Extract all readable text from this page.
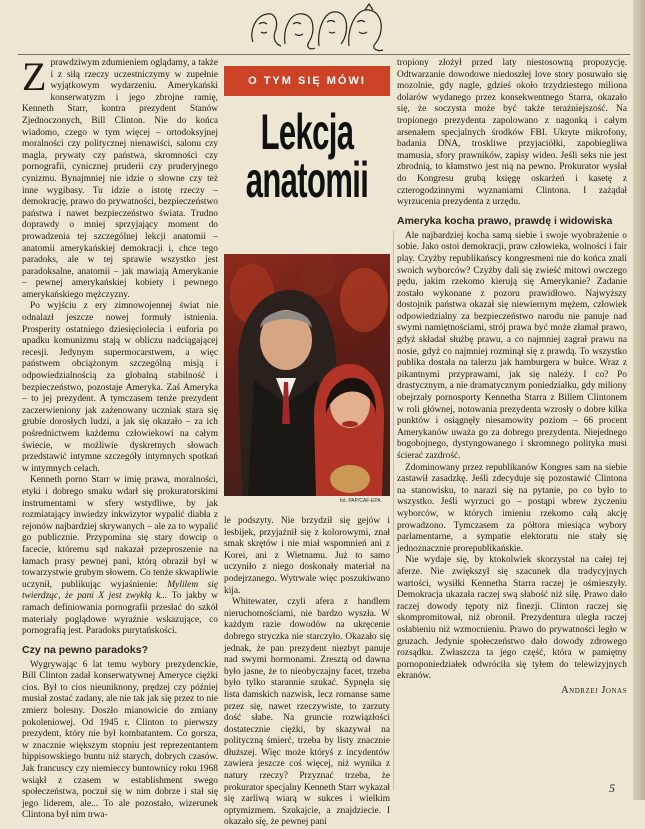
Zprawdziwym zdumieniem oglądamy, a także i z siłą rzeczy uczestniczymy w zupełnie wyjątkowym wydarzeniu. Amerykański konserwatyzm i jego zbrojne ramię, Kenneth Starr, kontra prezydent Stanów Zjednoczonych, Bill Clinton. Nie do końca wiadomo, czego w tym więcej – ortodoksyjnej moralności czy politycznej nienawiści, salonu czy magla, prywaty czy państwa, skromności czy pornografii, cynicznej pruderii czy pruderyjnego cynizmu. Bynajmniej nie idzie o słowne czy też inne wygibasy. Tu idzie o istotę rzeczy – demokrację, prawo do prywatności, bezpieczeństwo państwa i nawet bezpieczeństwo świata. Trudno doprawdy o mniej sprzyjający moment do prowadzenia tej szczególnej lekcji anatomii – anatomii amerykańskiej demokracji i, chce tego paradoks, ale w tej sprawie wszystko jest paradoksalne, anatomii – jak mawiają Amerykanie – pewnej amerykańskiej kobiety i pewnego amerykańskiego mężczyzny.

Po wyjściu z ery zimnowojennej świat nie odnalazł jeszcze nowej formuły istnienia. Prosperity ostatniego dziesięciolecia i euforia po upadku komunizmu stają w obliczu nadciągającej recesji. Jedynym supermocarstwem, a więc państwem obciążonym szczególną misją i odpowiedzialnością za globalną stabilność i bezpieczeństwo, pozostaje Ameryka. Zaś Ameryka – to jej prezydent. A tymczasem tenże prezydent zaczerwieniony jak zażenowany uczniak stara się grubie dorosłych ludzi, a jak się okazało – za ich pośrednictwem każdemu człowiekowi na całym świecie, w możliwie dyskretnych słowach przedstawić intymne szczegóły intymnych spotkań w intymnych celach.

Kenneth porno Starr w imię prawa, moralności, etyki i dobrego smaku wdarł się prokuratorskimi instrumentami w sfery wstydliwe, by jak rozmiatający inwiedzy inkwizytor wypalić diabła z rejonów najbardziej skrywanych – ale za to wypalić go publicznie. Przypomina się stary dowcip o facecie, któremu sąd nakazał przeproszenie na łamach prasy pewnej pani, którą obraził był w towarzystwie grubym słowem. Co tenże skwapliwie uczynił, publikując wyjaśnienie: Mylilem się twierdząc, że pani X jest zwykłą k... To jakby w ramach definiowania pornografii przesłać do szkół materiały poglądowe wyraźnie wskazujące, co pornografią jest. Paradoks purytańskości.

Czy na pewno paradoks?

Wygrywając 6 lat temu wybory prezydenckie, Bill Clinton zadał konserwatywnej Ameryce ciężki cios. Był to cios nieuniknony, prędzej czy później musiał zostać zadany, ale nie tak jak się przez to nie zmierz bolesny. Doszło mianowicie do zmiany pokoleniowej. Od 1945 r. Clinton to pierwszy prezydent, który nie był kombatantem. Co gorsza, w znacznie większym stopniu jest reprezentantem hippisowskiego buntu niż starych, dobrych czasów. Jak francuscy czy niemieccy buntownicy roku 1968 wsiąkł z czasem w establishment swego społeczeństwa, poczuł się w nim dobrze i stał się jego liderem, ale... To ale pozostało, wizerunek Clintona był nim trwa-

O TYM SIĘ MÓWI
Lekcja
anatomii
fot. PAP/CAF-EPA

le podszyty. Nie brzydził się gejów i lesbijek, przyjaźnił się z kolorowymi, znał smak skrętów i nie miał wspomnień ani z Korei, ani z Wietnamu. Już to samo uczyniło z niego doskonały materiał na podejrzanego. Wytrwale więc poszukiwano kija.

Whitewater, czyli afera z handlem nieruchomościami, nie bardzo wyszła. W każdym razie dowodów na ukręcenie dobrego stryczka nie starczyło. Okazało się jednak, że pan prezydent niezbyt panuje nad swymi hormonami. Zresztą od dawna było jasne, że to nieobyczajny facet, trzeba było tylko starannie szukać. Sypnęła się lista damskich nazwisk, lecz romanse same przez się, nawet rzeczywiste, to zarzuty dość słabe. Na gruncie rozwiązłości dostatecznie ciężki, by skazywał na polityczną śmierć, trzeba by listy znacznie dłuższej. Więc może któryś z incydentów zawiera jeszcze coś więcej, niż wynika z natury rzeczy? Przyznać trzeba, że prokurator specjalny Kenneth Starr wykazał się zarliwą wiarą w sukces i wielkim optymizmem. Szukajcie, a znajdziecie. I okazało się, że pewnej pani

tropiony złożył przed laty niestosowną propozycję. Odtwarzanie dowodowe niedoszłej love story posuwało się mozolnie, gdy nagle, gdzieś około trzydziestego miliona dolarów wydanego przez konsekwentnego Starra, okazało się, że soczysta może być także teraźniejszość. Na tropionego prezydenta zapolowano z nagonką i całym arsenałem specjalnych środków FBI. Ukryte mikrofony, badania DNA, troskliwe przyjaciółki, zapobiegliwa mamusia, sfory prawników, zapisy wideo. Jeśli seks nie jest zbrodnią, to kłamstwo jest nią na pewno. Prokurator wysłał do Kongresu grubą księgę oskarżeń i kasetę z czterogodzinnymi wyznaniami Clintona. I zażądał wyrzucenia prezydenta z urzędu.

Ameryka kocha prawo, prawdę i widowiska

Ale najbardziej kocha samą siebie i swoje wyobrażenie o sobie. Jako ostoi demokracji, praw człowieka, wolności i fair play. Czyżby republikańscy kongresmeni nie do końca znali swoich wyborców? Czyżby dali się zwieść mitowi owczego pędu, jakim rzekomo kierują się Amerykanie? Zadanie zostało wykonane z pozoru prawidłowo. Najwyższy dostojnik państwa okazał się niewiernym mężem, człowiek odpowiedzialny za bezpieczeństwo narodu nie panuje nad swymi namiętnościami, strój prawa być może złamał prawo, gdyż składał służbę prawu, a co najmniej zagrał prawu na nosie, gdyż co najmniej rozminął się z prawdą. To wszystko publika dostała na talerzu jak hamburgera w bułce. Wraz z pikantnymi przyprawami, jak się należy. I co? Po drastycznym, a nie dramatycznym poniedziałku, gdy miliony obejrzały pornosporty Kennetha Starra z Billem Clintonem w roli głównej, notowania prezydenta wzrosły o dobre kilka punktów i osiągnęły niesamowity poziom – 66 procent Amerykanów uważa go za dobrego prezydenta. Niejednego bogobojnego, dystyngowanego i skromnego polityka musi ścierać zazdrość.

Zdominowany przez republikanów Kongres sam na siebie zastawił zasadzkę. Jeśli zdecyduje się pozostawić Clintona na stanowisku, to narazi się na pytanie, po co było to wszystko. Jeśli wyrzuci go – postąpi wbrew życzeniu wyborców, w których imieniu rzekomo całą akcję prowadzono. Tymczasem za półtora miesiąca wybory parlamentarne, a sympatie elektoratu nie stały się jednoznacznie proreрublikańskie.

Nie wydaje się, by ktokolwiek skorzystał na całej tej aferze. Nie zwiększył się szacunek dla tradycyjnych wartości, wysiłki Kennetha Starra raczej je ośmieszyły. Demokracja ukazała raczej swą słabość niż siłę. Prawo dało raczej dowody tępoty niż finezji. Clinton raczej się skompromitował, niż obronił. Prezydentura uległa raczej osłabieniu niż wzmocnieniu. Prawo do prywatności legło w gruzach. Jedynie społeczeństwo dało dowody zdrowego rozsądku. Zwłaszcza ta jego część, która w pamiętny pornoponiedziałek odwróciła się tyłem do telewizyjnych ekranów.

Andrzej Jonas
5
